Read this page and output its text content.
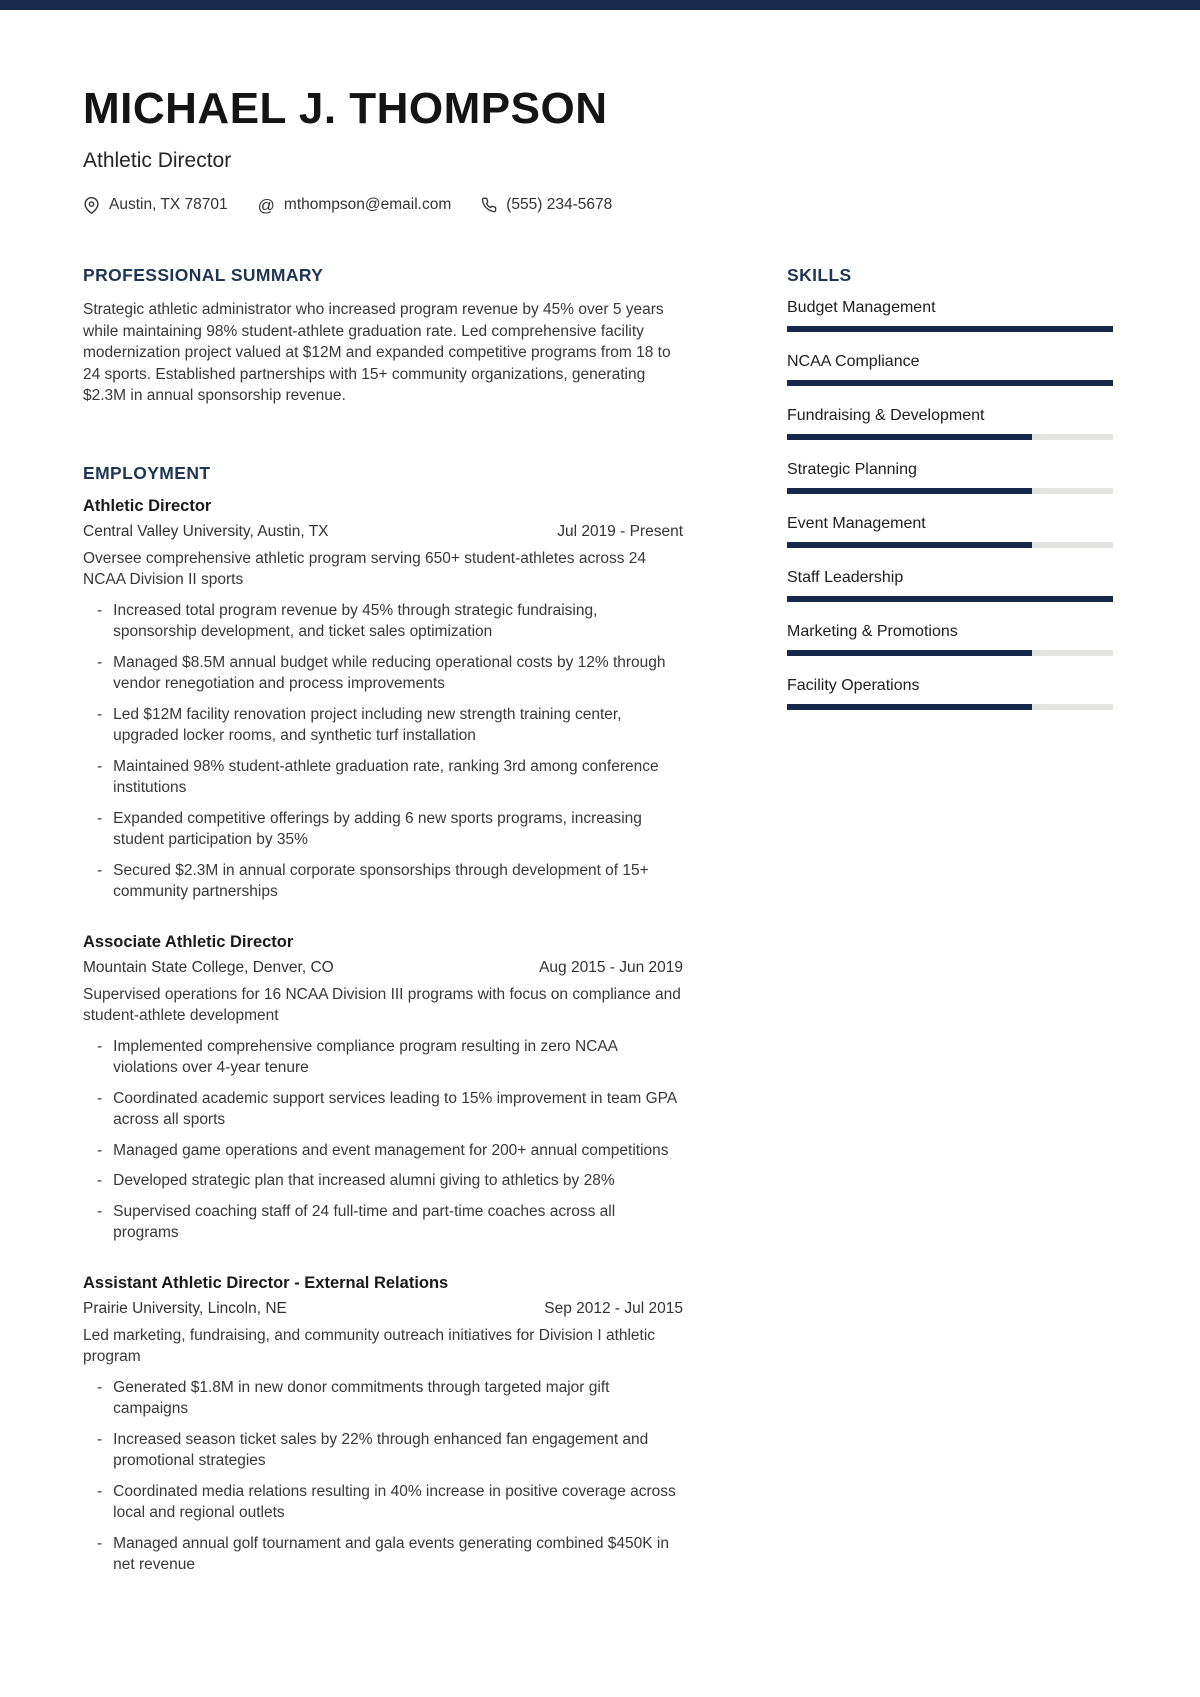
MICHAEL J. THOMPSON
Athletic Director
Austin, TX 78701 @ mthompson@email.com	(555) 234-5678
PROFESSIONAL SUMMARY
Strategic athletic administrator who increased program revenue by 45% over 5 years while maintaining 98% student-athlete graduation rate. Led comprehensive facility modernization project valued at $12M and expanded competitive programs from 18 to 24 sports. Established partnerships with 15+ community organizations, generating $2.3M in annual sponsorship revenue.
EMPLOYMENT
Athletic Director
Central Valley University, Austin, TX	Jul 2019 - Present
Oversee comprehensive athletic program serving 650+ student-athletes across 24 NCAA Division II sports
- Increased total program revenue by 45% through strategic fundraising, sponsorship development, and ticket sales optimization
- Managed $8.5M annual budget while reducing operational costs by 12% through vendor renegotiation and process improvements
- Led $12M facility renovation project including new strength training center, upgraded locker rooms, and synthetic turf installation
- Maintained 98% student-athlete graduation rate, ranking 3rd among conference institutions
- Expanded competitive offerings by adding 6 new sports programs, increasing student participation by 35%
- Secured $2.3M in annual corporate sponsorships through development of 15+ community partnerships
Associate Athletic Director
Mountain State College, Denver, CO	Aug 2015 - Jun 2019
Supervised operations for 16 NCAA Division III programs with focus on compliance and student-athlete development
- Implemented comprehensive compliance program resulting in zero NCAA violations over 4-year tenure
- Coordinated academic support services leading to 15% improvement in team GPA across all sports
- Managed game operations and event management for 200+ annual competitions
- Developed strategic plan that increased alumni giving to athletics by 28%
- Supervised coaching staff of 24 full-time and part-time coaches across all programs
Assistant Athletic Director - External Relations
Prairie University, Lincoln, NE	Sep 2012 - Jul 2015
Led marketing, fundraising, and community outreach initiatives for Division I athletic program
- Generated $1.8M in new donor commitments through targeted major gift campaigns
- Increased season ticket sales by 22% through enhanced fan engagement and promotional strategies
- Coordinated media relations resulting in 40% increase in positive coverage across local and regional outlets
- Managed annual golf tournament and gala events generating combined $450K in net revenue
SKILLS
Budget Management
NCAA Compliance
Fundraising & Development
Strategic Planning
Event Management
Staff Leadership
Marketing & Promotions
Facility Operations
